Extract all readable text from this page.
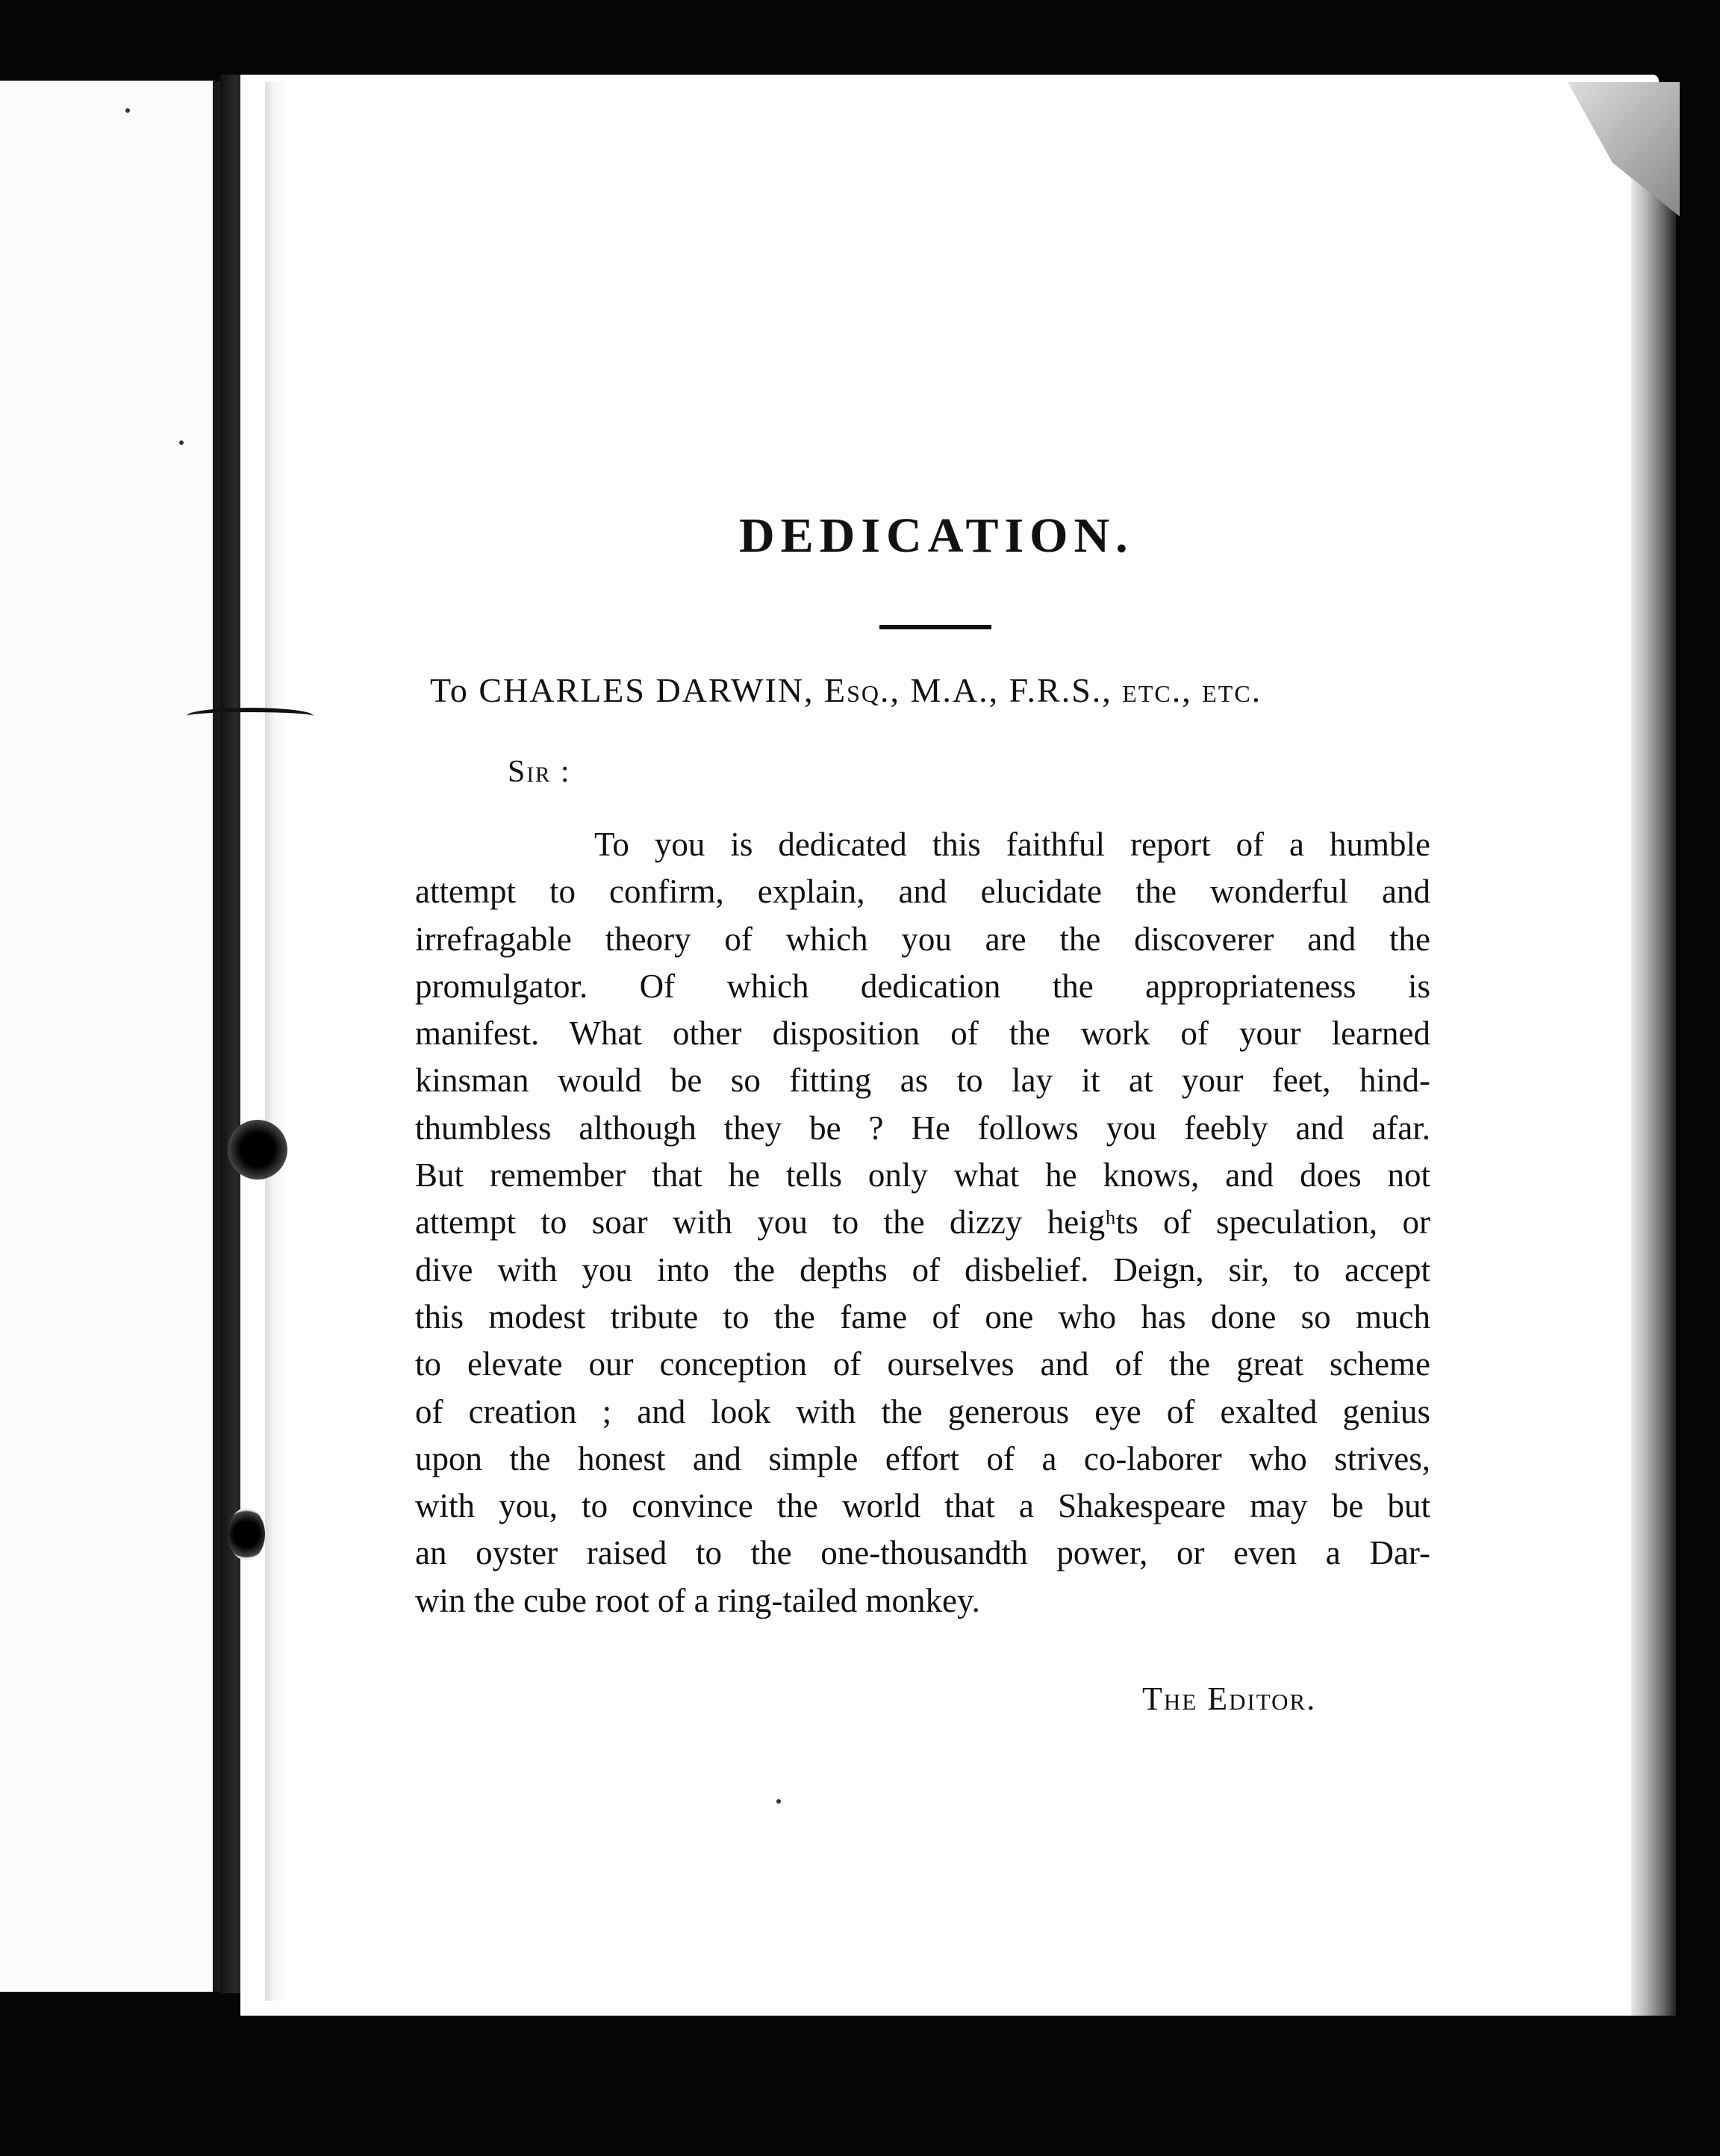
DEDICATION.
To CHARLES DARWIN, Esq., M.A., F.R.S., etc., etc.
Sir :
To you is dedicated this faithful report of a humble
attempt to confirm, explain, and elucidate the wonderful and
irrefragable theory of which you are the discoverer and the
promulgator. Of which dedication the appropriateness is
manifest. What other disposition of the work of your learned
kinsman would be so fitting as to lay it at your feet, hind-
thumbless although they be ? He follows you feebly and afar.
But remember that he tells only what he knows, and does not
attempt to soar with you to the dizzy heigʰts of speculation, or
dive with you into the depths of disbelief. Deign, sir, to accept
this modest tribute to the fame of one who has done so much
to elevate our conception of ourselves and of the great scheme
of creation ; and look with the generous eye of exalted genius
upon the honest and simple effort of a co-laborer who strives,
with you, to convince the world that a Shakespeare may be but
an oyster raised to the one-thousandth power, or even a Dar-
win the cube root of a ring-tailed monkey.
The Editor.
